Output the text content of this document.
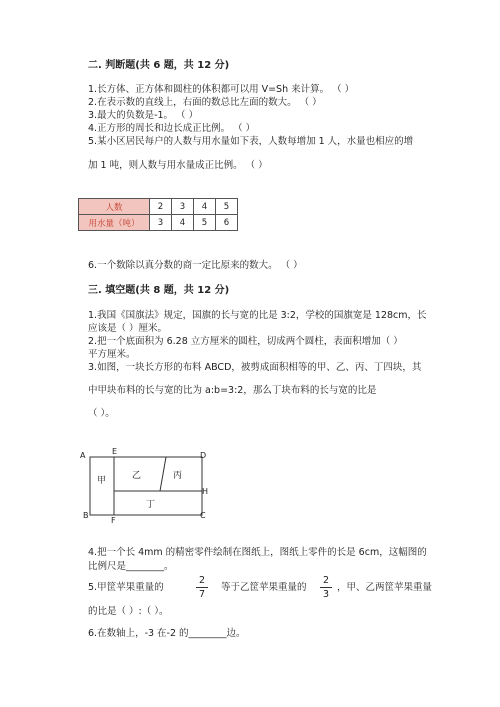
二. 判断题(共 6 题，共 12 分)
1.长方体、正方体和圆柱的体积都可以用 V=Sh 来计算。 （ ）
2.在表示数的直线上，右面的数总比左面的数大。 （ ）
3.最大的负数是-1。 （ ）
4.正方形的周长和边长成正比例。 （ ）
5.某小区居民每户的人数与用水量如下表，人数每增加 1 人，水量也相应的增
加 1 吨，则人数与用水量成正比例。 （ ）
人数	2	3	4	5
用水量（吨）	3	4	5	6
6.一个数除以真分数的商一定比原来的数大。 （ ）
三. 填空题(共 8 题，共 12 分)
1.我国《国旗法》规定，国旗的长与宽的比是 3:2，学校的国旗宽是 128cm，长
应该是（ ）厘米。
2.把一个底面积为 6.28 立方厘米的圆柱，切成两个圆柱，表面积增加（ ）
平方厘米。
3.如图，一块长方形的布料 ABCD，被剪成面积相等的甲、乙、丙、丁四块，其
中甲块布料的长与宽的比为 a:b=3:2，那么丁块布料的长与宽的比是
（ ）。
A	E	D
H
B
F
C
甲	乙	丙
丁
4.把一个长 4mm 的精密零件绘制在图纸上，图纸上零件的长是 6cm，这幅图的
比例尺是________。
5.甲筐苹果重量的
2
7
等于乙筐苹果重量的
2
3
，甲、乙两筐苹果重量
的比是（ ）:（ ）。
6.在数轴上，-3 在-2 的________边。
